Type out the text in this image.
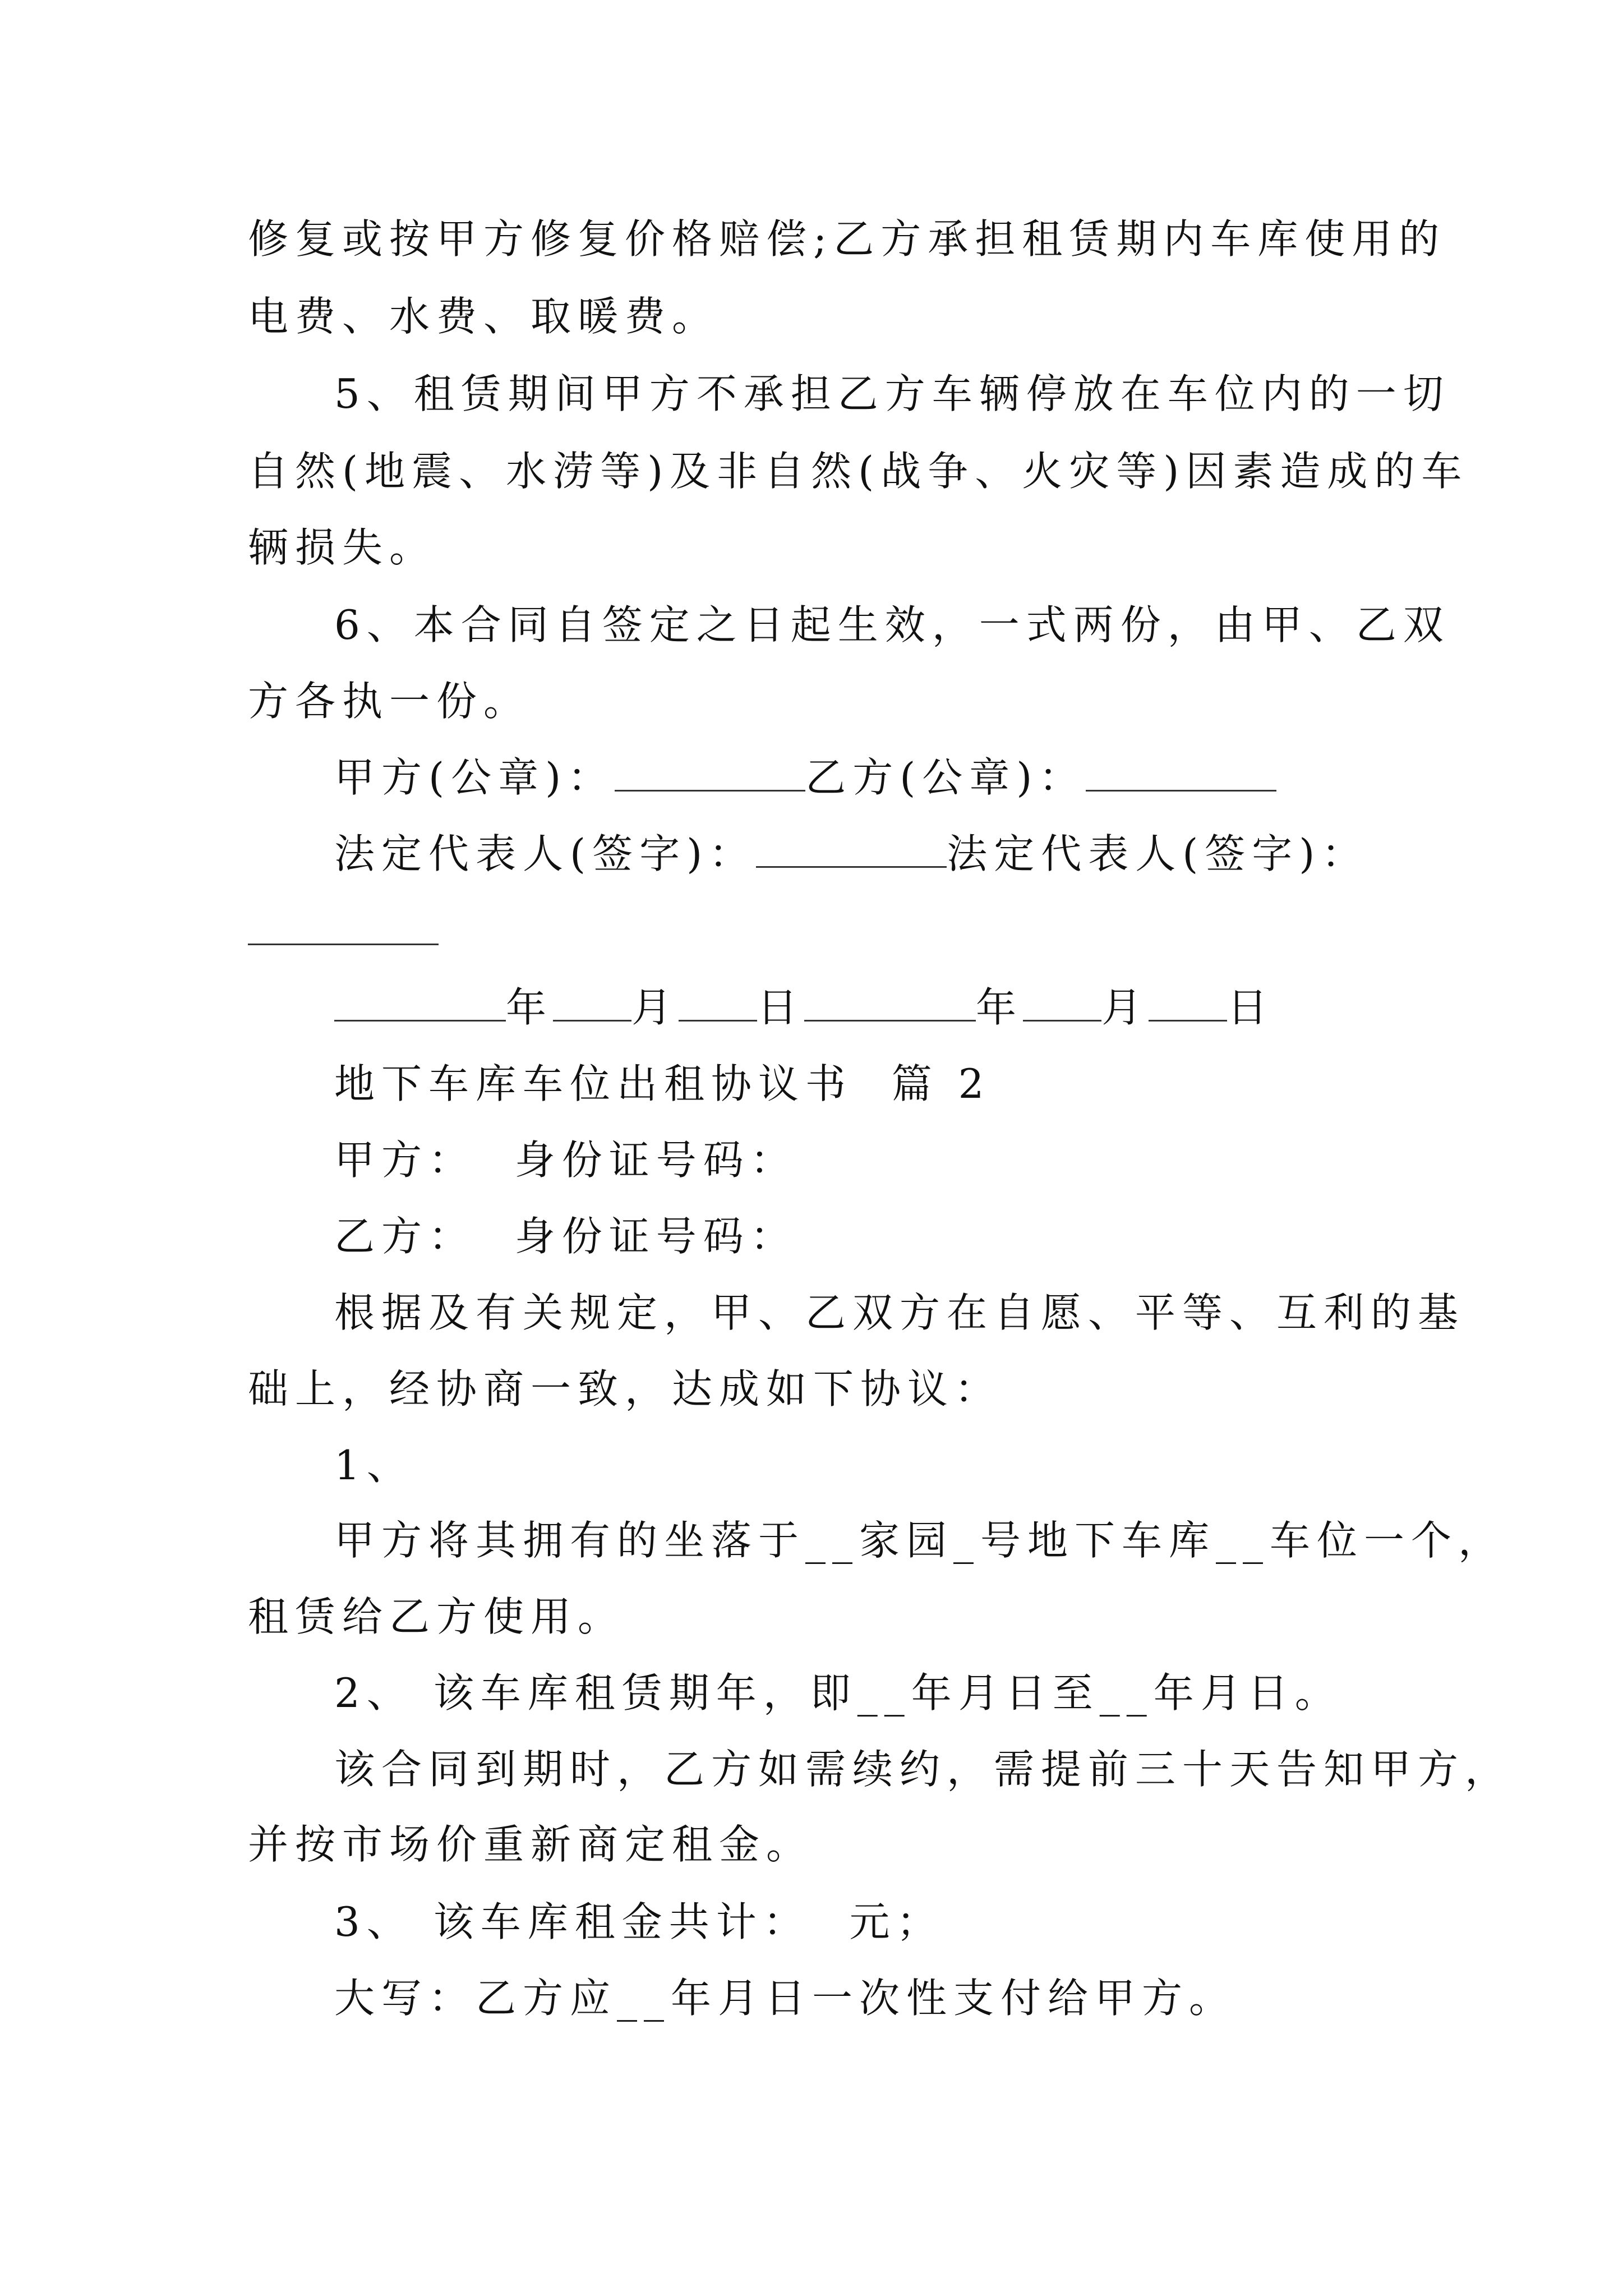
修复或按甲方修复价格赔偿;乙方承担租赁期内车库使用的
电费、水费、取暖费。
5、租赁期间甲方不承担乙方车辆停放在车位内的一切
自然(地震、水涝等)及非自然(战争、火灾等)因素造成的车
辆损失。
6、本合同自签定之日起生效，一式两份，由甲、乙双
方各执一份。
甲方(公章)：	乙方(公章)：
法定代表人(签字)：	法定代表人(签字)：
年 月 日	年 月 日
地下车库车位出租协议书  篇 2
甲方：  身份证号码：
乙方：  身份证号码：
根据及有关规定，甲、乙双方在自愿、平等、互利的基
础上，经协商一致，达成如下协议：
1、
甲方将其拥有的坐落于__家园_号地下车库__车位一个，
租赁给乙方使用。
2、 该车库租赁期年，即__年月日至__年月日。
该合同到期时，乙方如需续约，需提前三十天告知甲方，
并按市场价重新商定租金。
3、 该车库租金共计：  元；
大写：乙方应__年月日一次性支付给甲方。
